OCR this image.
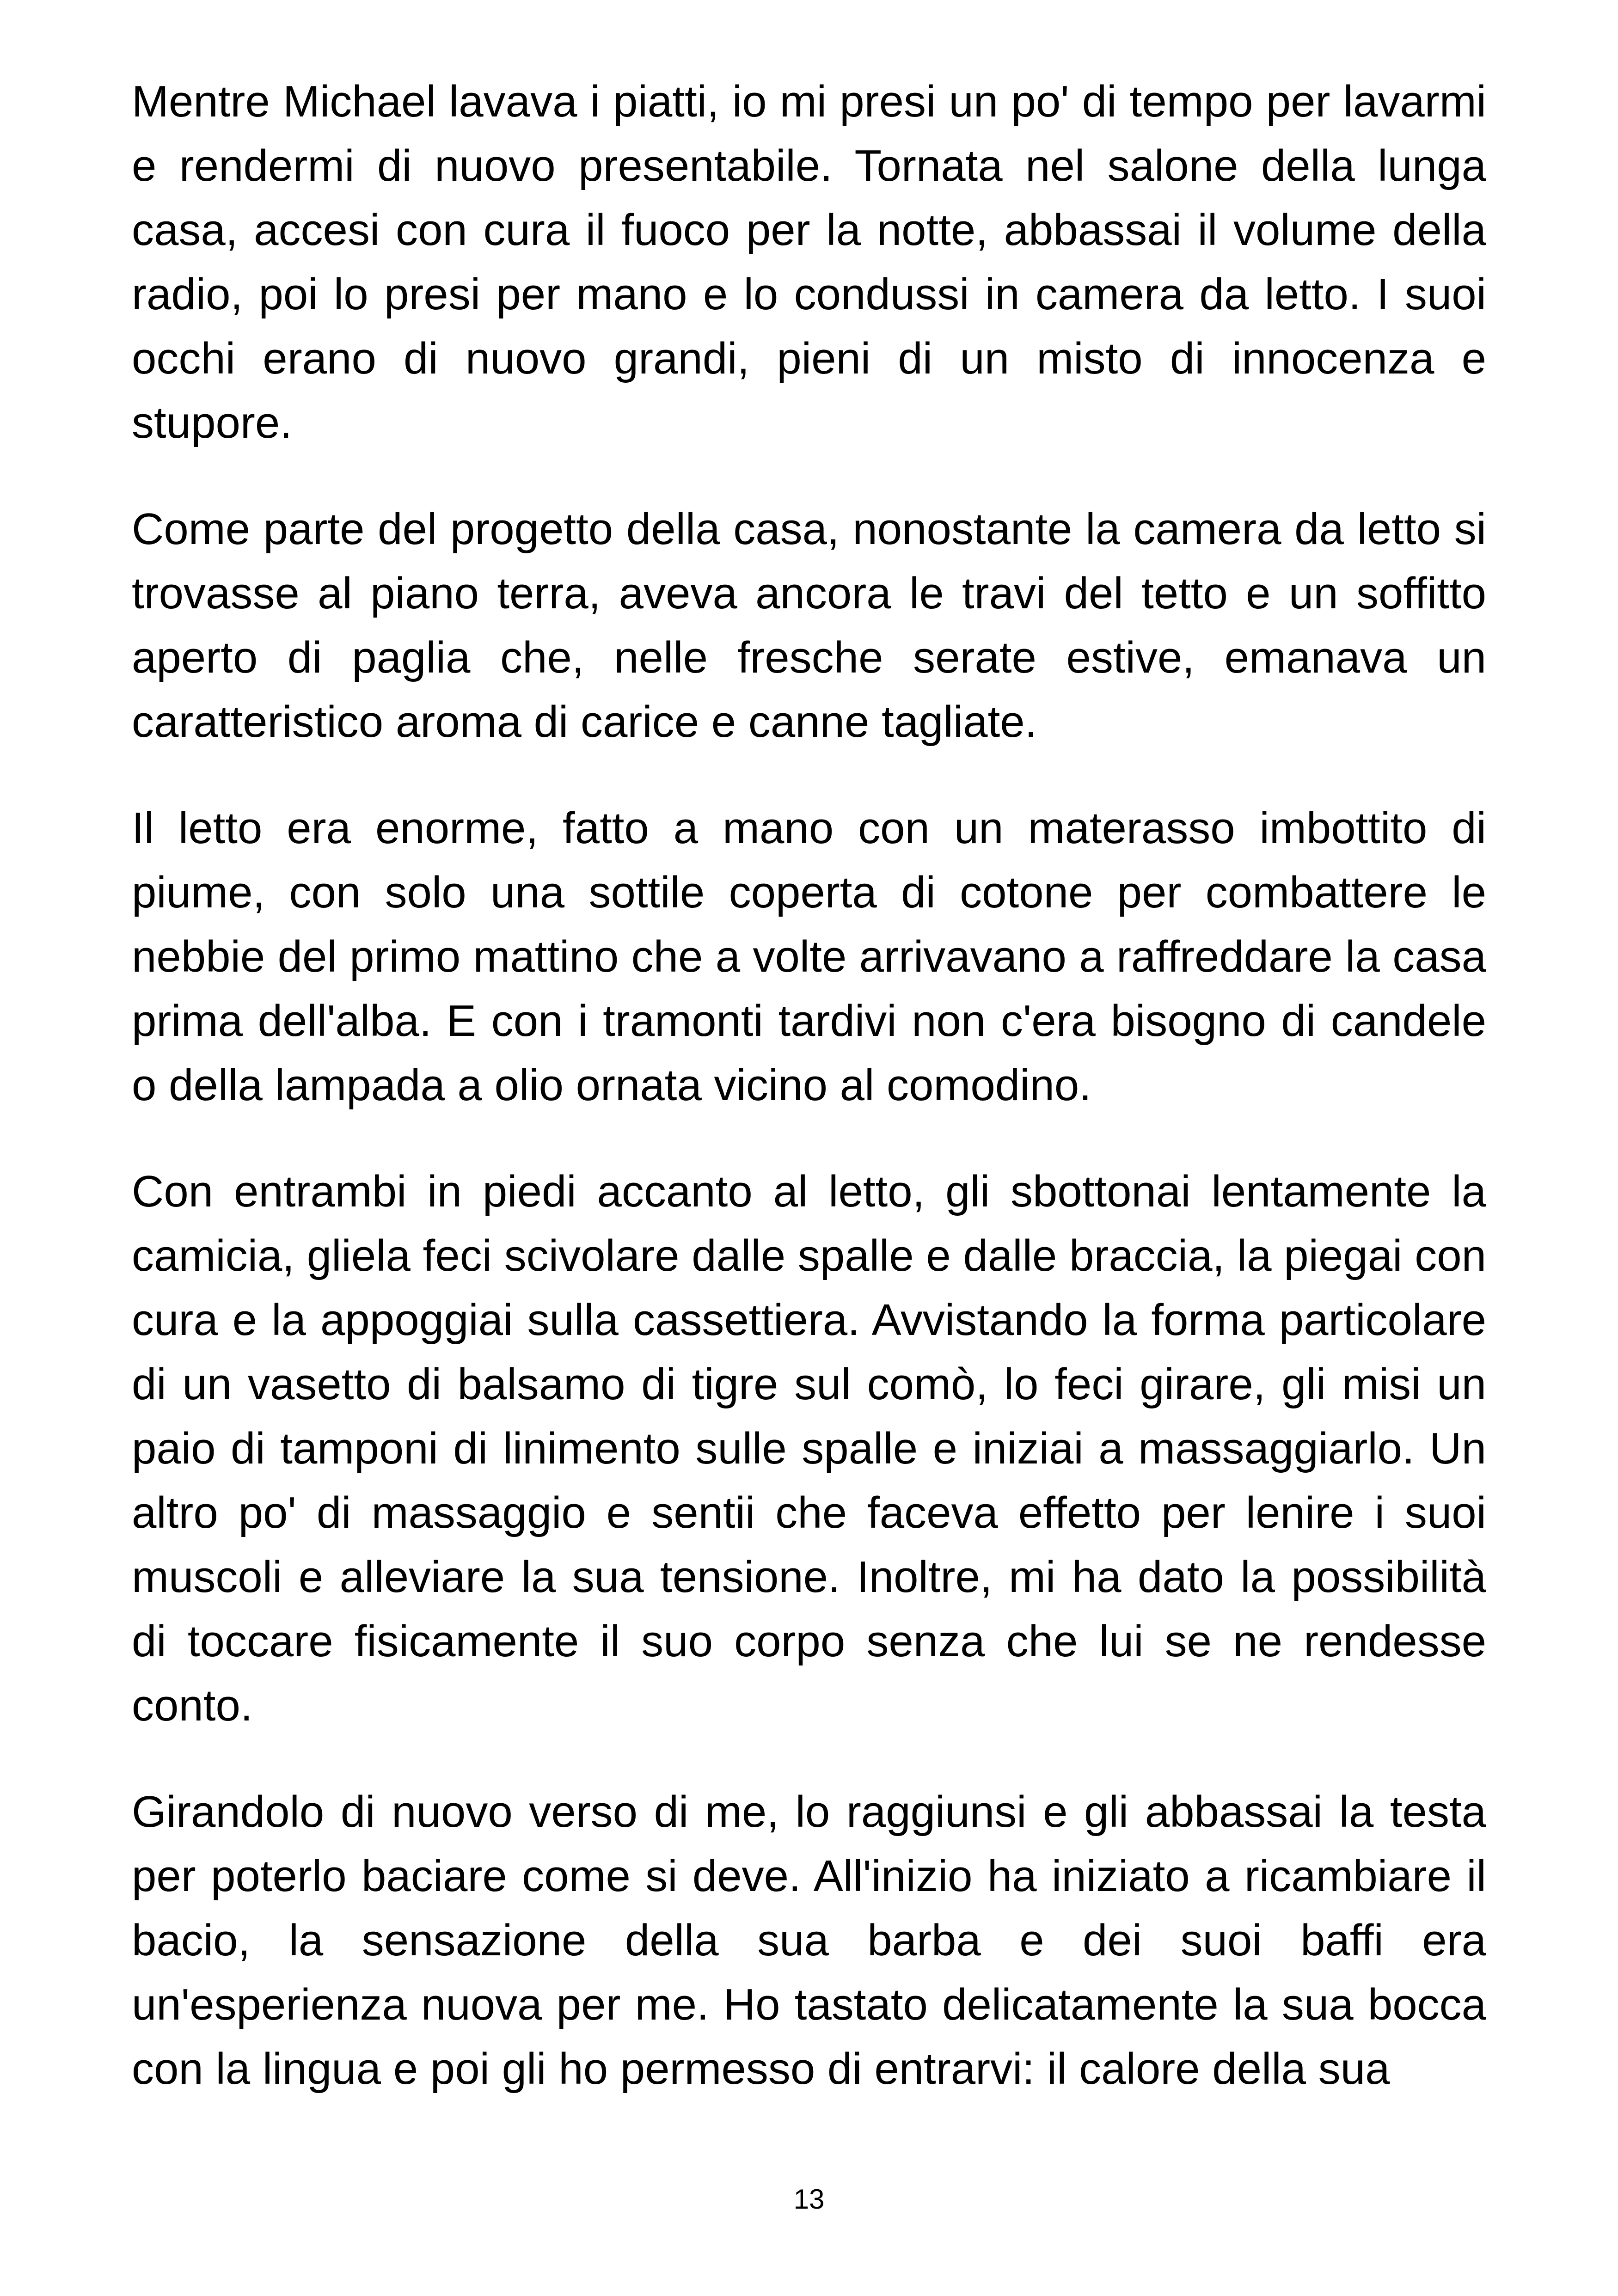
Mentre Michael lavava i piatti, io mi presi un po' di tempo per lavarmi e rendermi di nuovo presentabile. Tornata nel salone della lunga casa, accesi con cura il fuoco per la notte, abbassai il volume della radio, poi lo presi per mano e lo condussi in camera da letto. I suoi occhi erano di nuovo grandi, pieni di un misto di innocenza e stupore.

Come parte del progetto della casa, nonostante la camera da letto si trovasse al piano terra, aveva ancora le travi del tetto e un soffitto aperto di paglia che, nelle fresche serate estive, emanava un caratteristico aroma di carice e canne tagliate.

Il letto era enorme, fatto a mano con un materasso imbottito di piume, con solo una sottile coperta di cotone per combattere le nebbie del primo mattino che a volte arrivavano a raffreddare la casa prima dell'alba. E con i tramonti tardivi non c'era bisogno di candele o della lampada a olio ornata vicino al comodino.

Con entrambi in piedi accanto al letto, gli sbottonai lentamente la camicia, gliela feci scivolare dalle spalle e dalle braccia, la piegai con cura e la appoggiai sulla cassettiera. Avvistando la forma particolare di un vasetto di balsamo di tigre sul comò, lo feci girare, gli misi un paio di tamponi di linimento sulle spalle e iniziai a massaggiarlo. Un altro po' di massaggio e sentii che faceva effetto per lenire i suoi muscoli e alleviare la sua tensione. Inoltre, mi ha dato la possibilità di toccare fisicamente il suo corpo senza che lui se ne rendesse conto.

Girandolo di nuovo verso di me, lo raggiunsi e gli abbassai la testa per poterlo baciare come si deve. All'inizio ha iniziato a ricambiare il bacio, la sensazione della sua barba e dei suoi baffi era un'esperienza nuova per me. Ho tastato delicatamente la sua bocca con la lingua e poi gli ho permesso di entrarvi: il calore della sua

13
